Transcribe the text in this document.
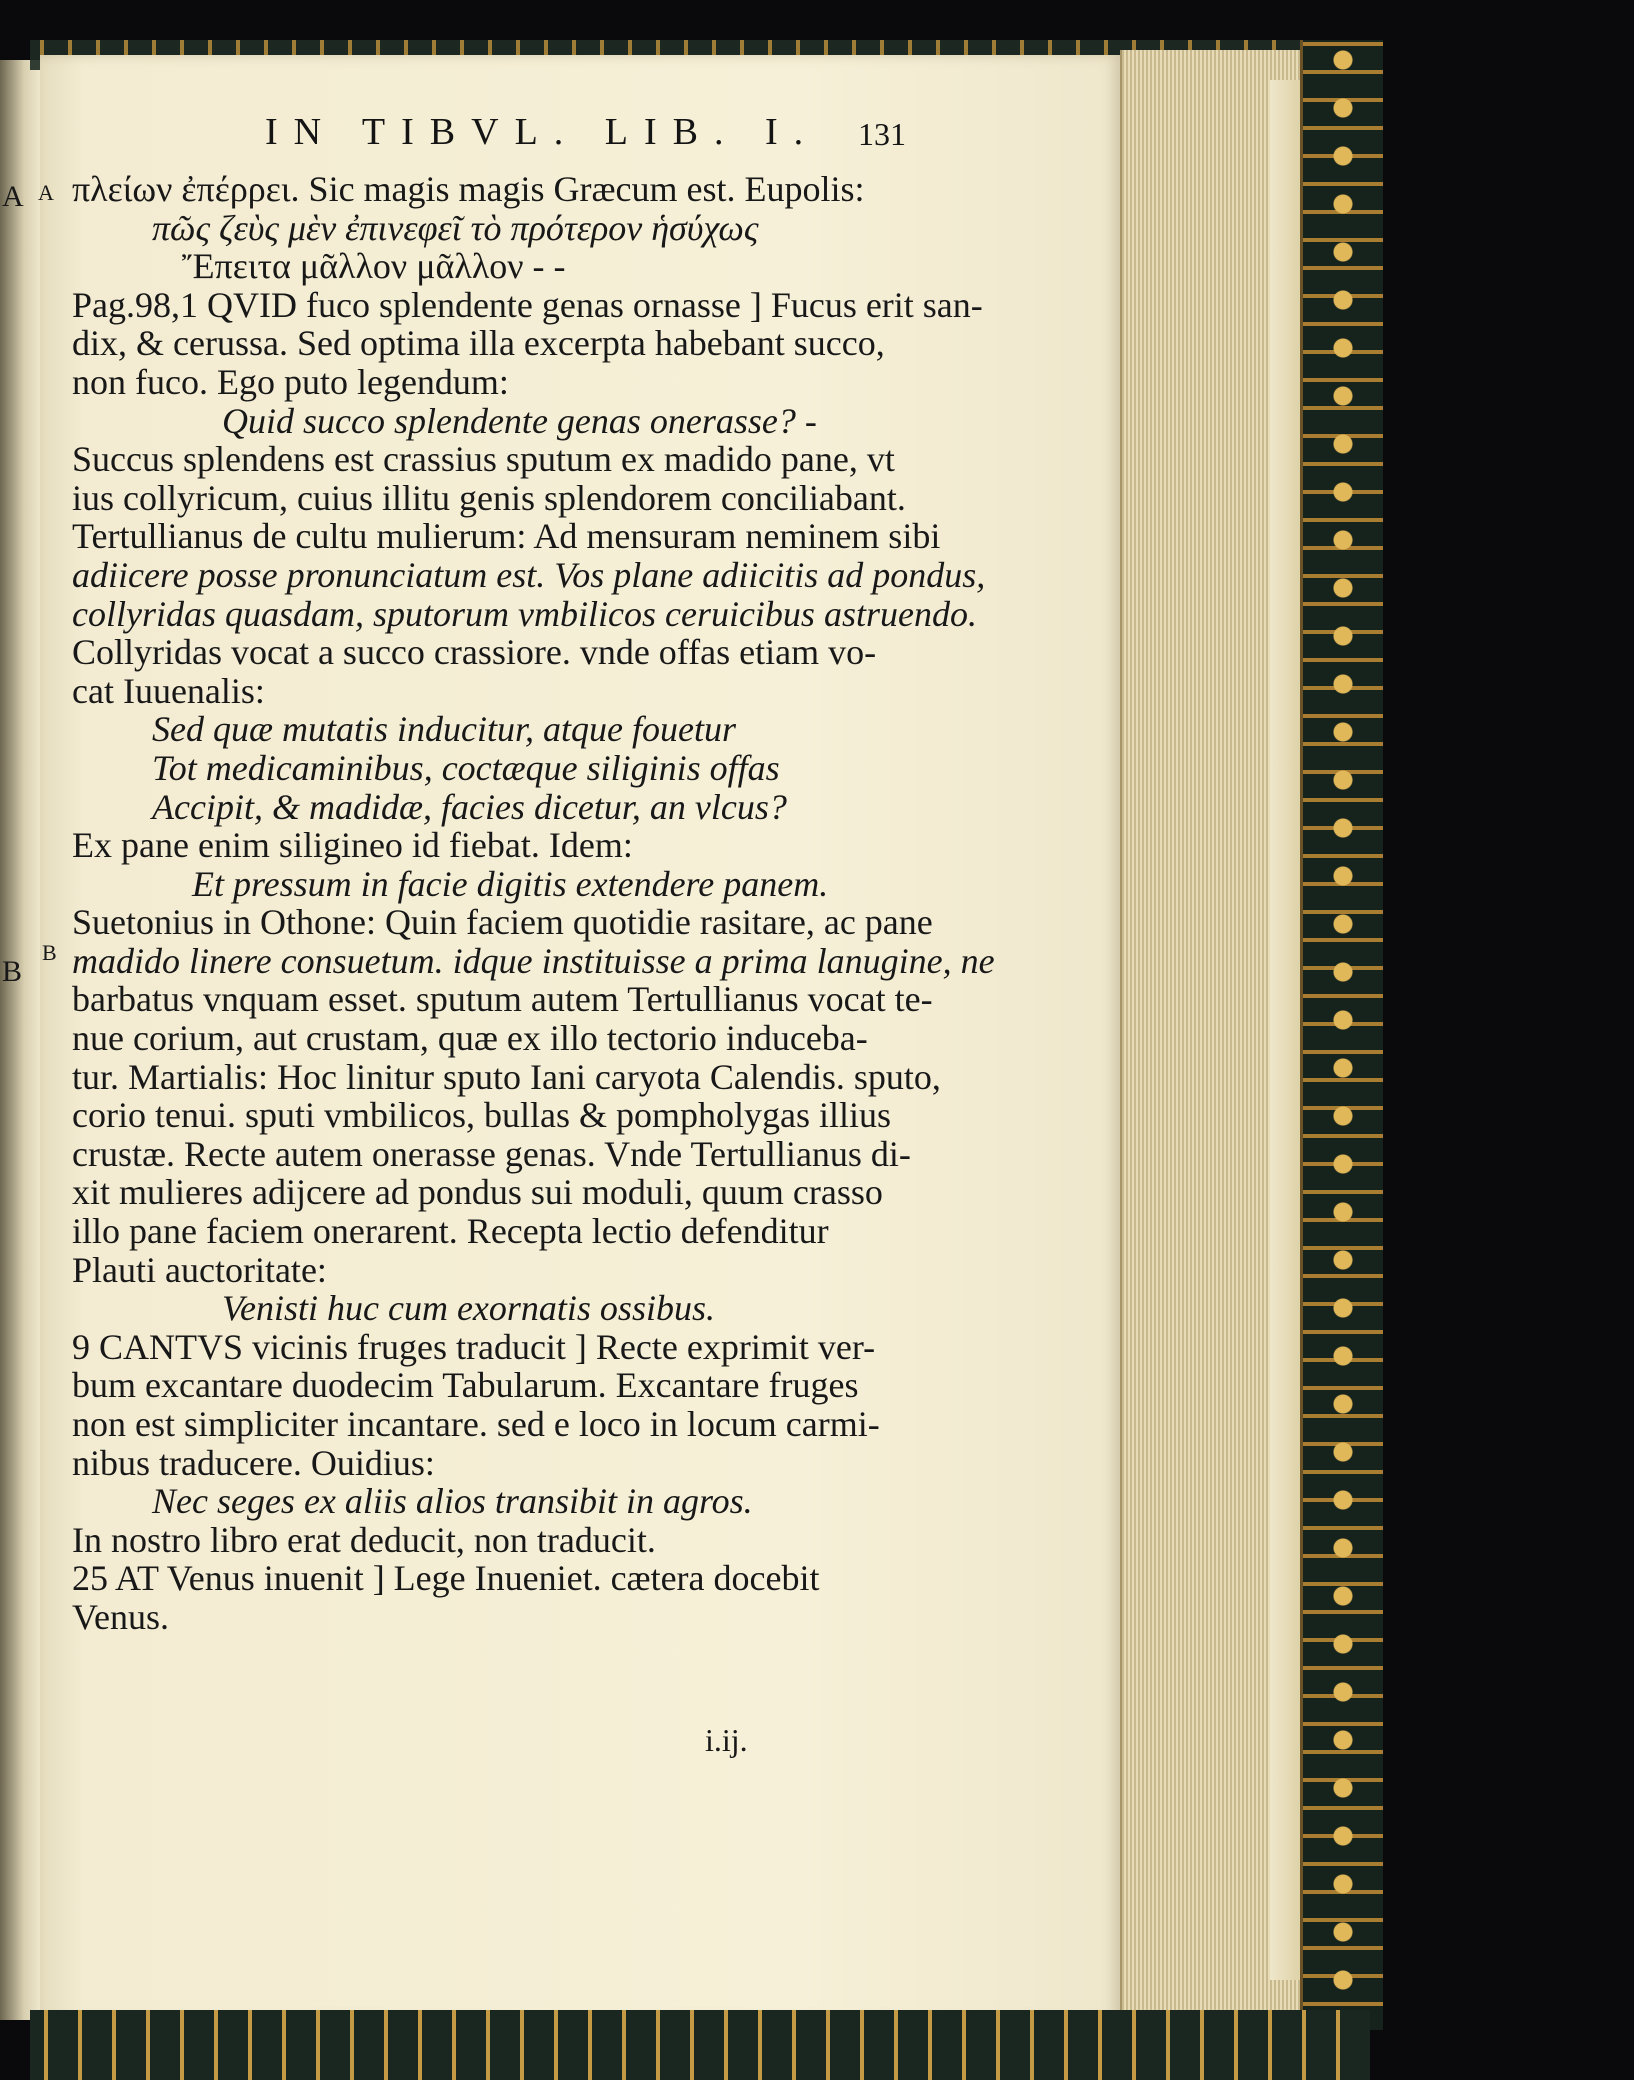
A
B
A
B
IN TIBVL. LIB. I. 131
πλείων ἐπέρρει. Sic magis magis Græcum est. Eupolis:
πῶς ζεὺς μὲν ἐπινεφεῖ τὸ πρότερον ἡσύχως
Ἔπειτα μᾶλλον μᾶλλον - -
Pag.98,1 QVID fuco splendente genas ornasse ] Fucus erit san-
dix, & cerussa. Sed optima illa excerpta habebant succo,
non fuco. Ego puto legendum:
Quid succo splendente genas onerasse? -
Succus splendens est crassius sputum ex madido pane, vt
ius collyricum, cuius illitu genis splendorem conciliabant.
Tertullianus de cultu mulierum: Ad mensuram neminem sibi
adiicere posse pronunciatum est. Vos plane adiicitis ad pondus,
collyridas quasdam, sputorum vmbilicos ceruicibus astruendo.
Collyridas vocat a succo crassiore. vnde offas etiam vo-
cat Iuuenalis:
Sed quæ mutatis inducitur, atque fouetur
Tot medicaminibus, coctæque siliginis offas
Accipit, & madidæ, facies dicetur, an vlcus?
Ex pane enim siligineo id fiebat. Idem:
Et pressum in facie digitis extendere panem.
Suetonius in Othone: Quin faciem quotidie rasitare, ac pane
madido linere consuetum. idque instituisse a prima lanugine, ne
barbatus vnquam esset. sputum autem Tertullianus vocat te-
nue corium, aut crustam, quæ ex illo tectorio induceba-
tur. Martialis: Hoc linitur sputo Iani caryota Calendis. sputo,
corio tenui. sputi vmbilicos, bullas & pompholygas illius
crustæ. Recte autem onerasse genas. Vnde Tertullianus di-
xit mulieres adijcere ad pondus sui moduli, quum crasso
illo pane faciem onerarent. Recepta lectio defenditur
Plauti auctoritate:
Venisti huc cum exornatis ossibus.
9 CANTVS vicinis fruges traducit ] Recte exprimit ver-
bum excantare duodecim Tabularum. Excantare fruges
non est simpliciter incantare. sed e loco in locum carmi-
nibus traducere. Ouidius:
Nec seges ex aliis alios transibit in agros.
In nostro libro erat deducit, non traducit.
25 AT Venus inuenit ] Lege Inueniet. cætera docebit
Venus.
i.ij.
